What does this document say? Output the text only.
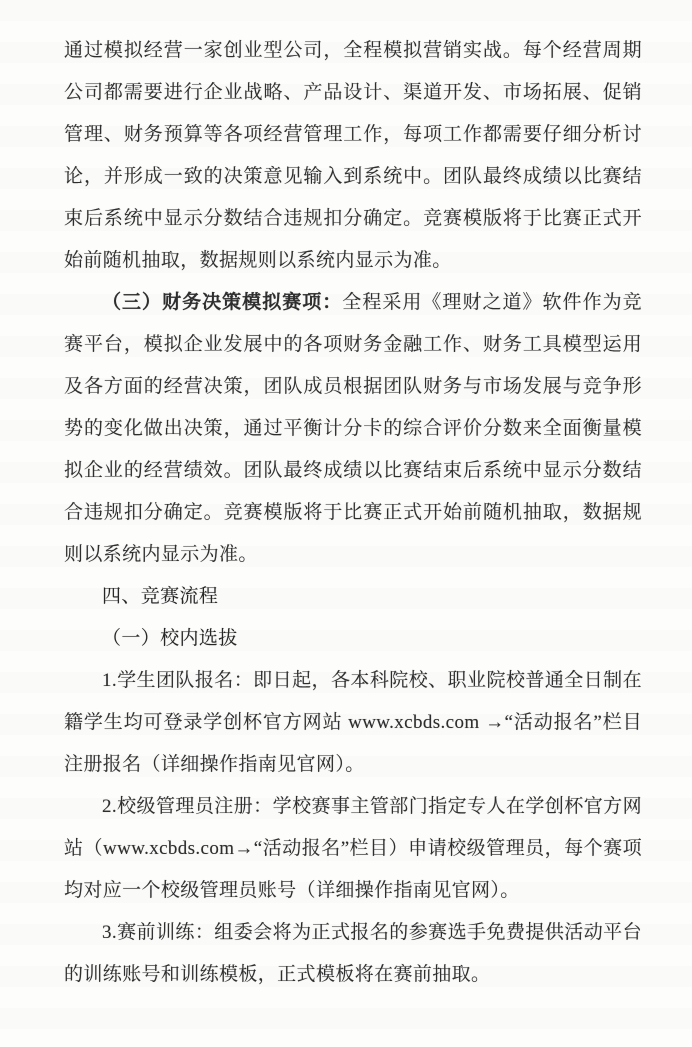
通过模拟经营一家创业型公司，全程模拟营销实战。每个经营周期公司都需要进行企业战略、产品设计、渠道开发、市场拓展、促销管理、财务预算等各项经营管理工作，每项工作都需要仔细分析讨论，并形成一致的决策意见输入到系统中。团队最终成绩以比赛结束后系统中显示分数结合违规扣分确定。竞赛模版将于比赛正式开始前随机抽取，数据规则以系统内显示为准。

（三）财务决策模拟赛项：全程采用《理财之道》软件作为竞赛平台，模拟企业发展中的各项财务金融工作、财务工具模型运用及各方面的经营决策，团队成员根据团队财务与市场发展与竞争形势的变化做出决策，通过平衡计分卡的综合评价分数来全面衡量模拟企业的经营绩效。团队最终成绩以比赛结束后系统中显示分数结合违规扣分确定。竞赛模版将于比赛正式开始前随机抽取，数据规则以系统内显示为准。

四、竞赛流程
（一）校内选拔

1.学生团队报名：即日起，各本科院校、职业院校普通全日制在籍学生均可登录学创杯官方网站 www.xcbds.com →“活动报名”栏目注册报名（详细操作指南见官网）。

2.校级管理员注册：学校赛事主管部门指定专人在学创杯官方网站（www.xcbds.com→“活动报名”栏目）申请校级管理员，每个赛项均对应一个校级管理员账号（详细操作指南见官网）。

3.赛前训练：组委会将为正式报名的参赛选手免费提供活动平台的训练账号和训练模板，正式模板将在赛前抽取。
